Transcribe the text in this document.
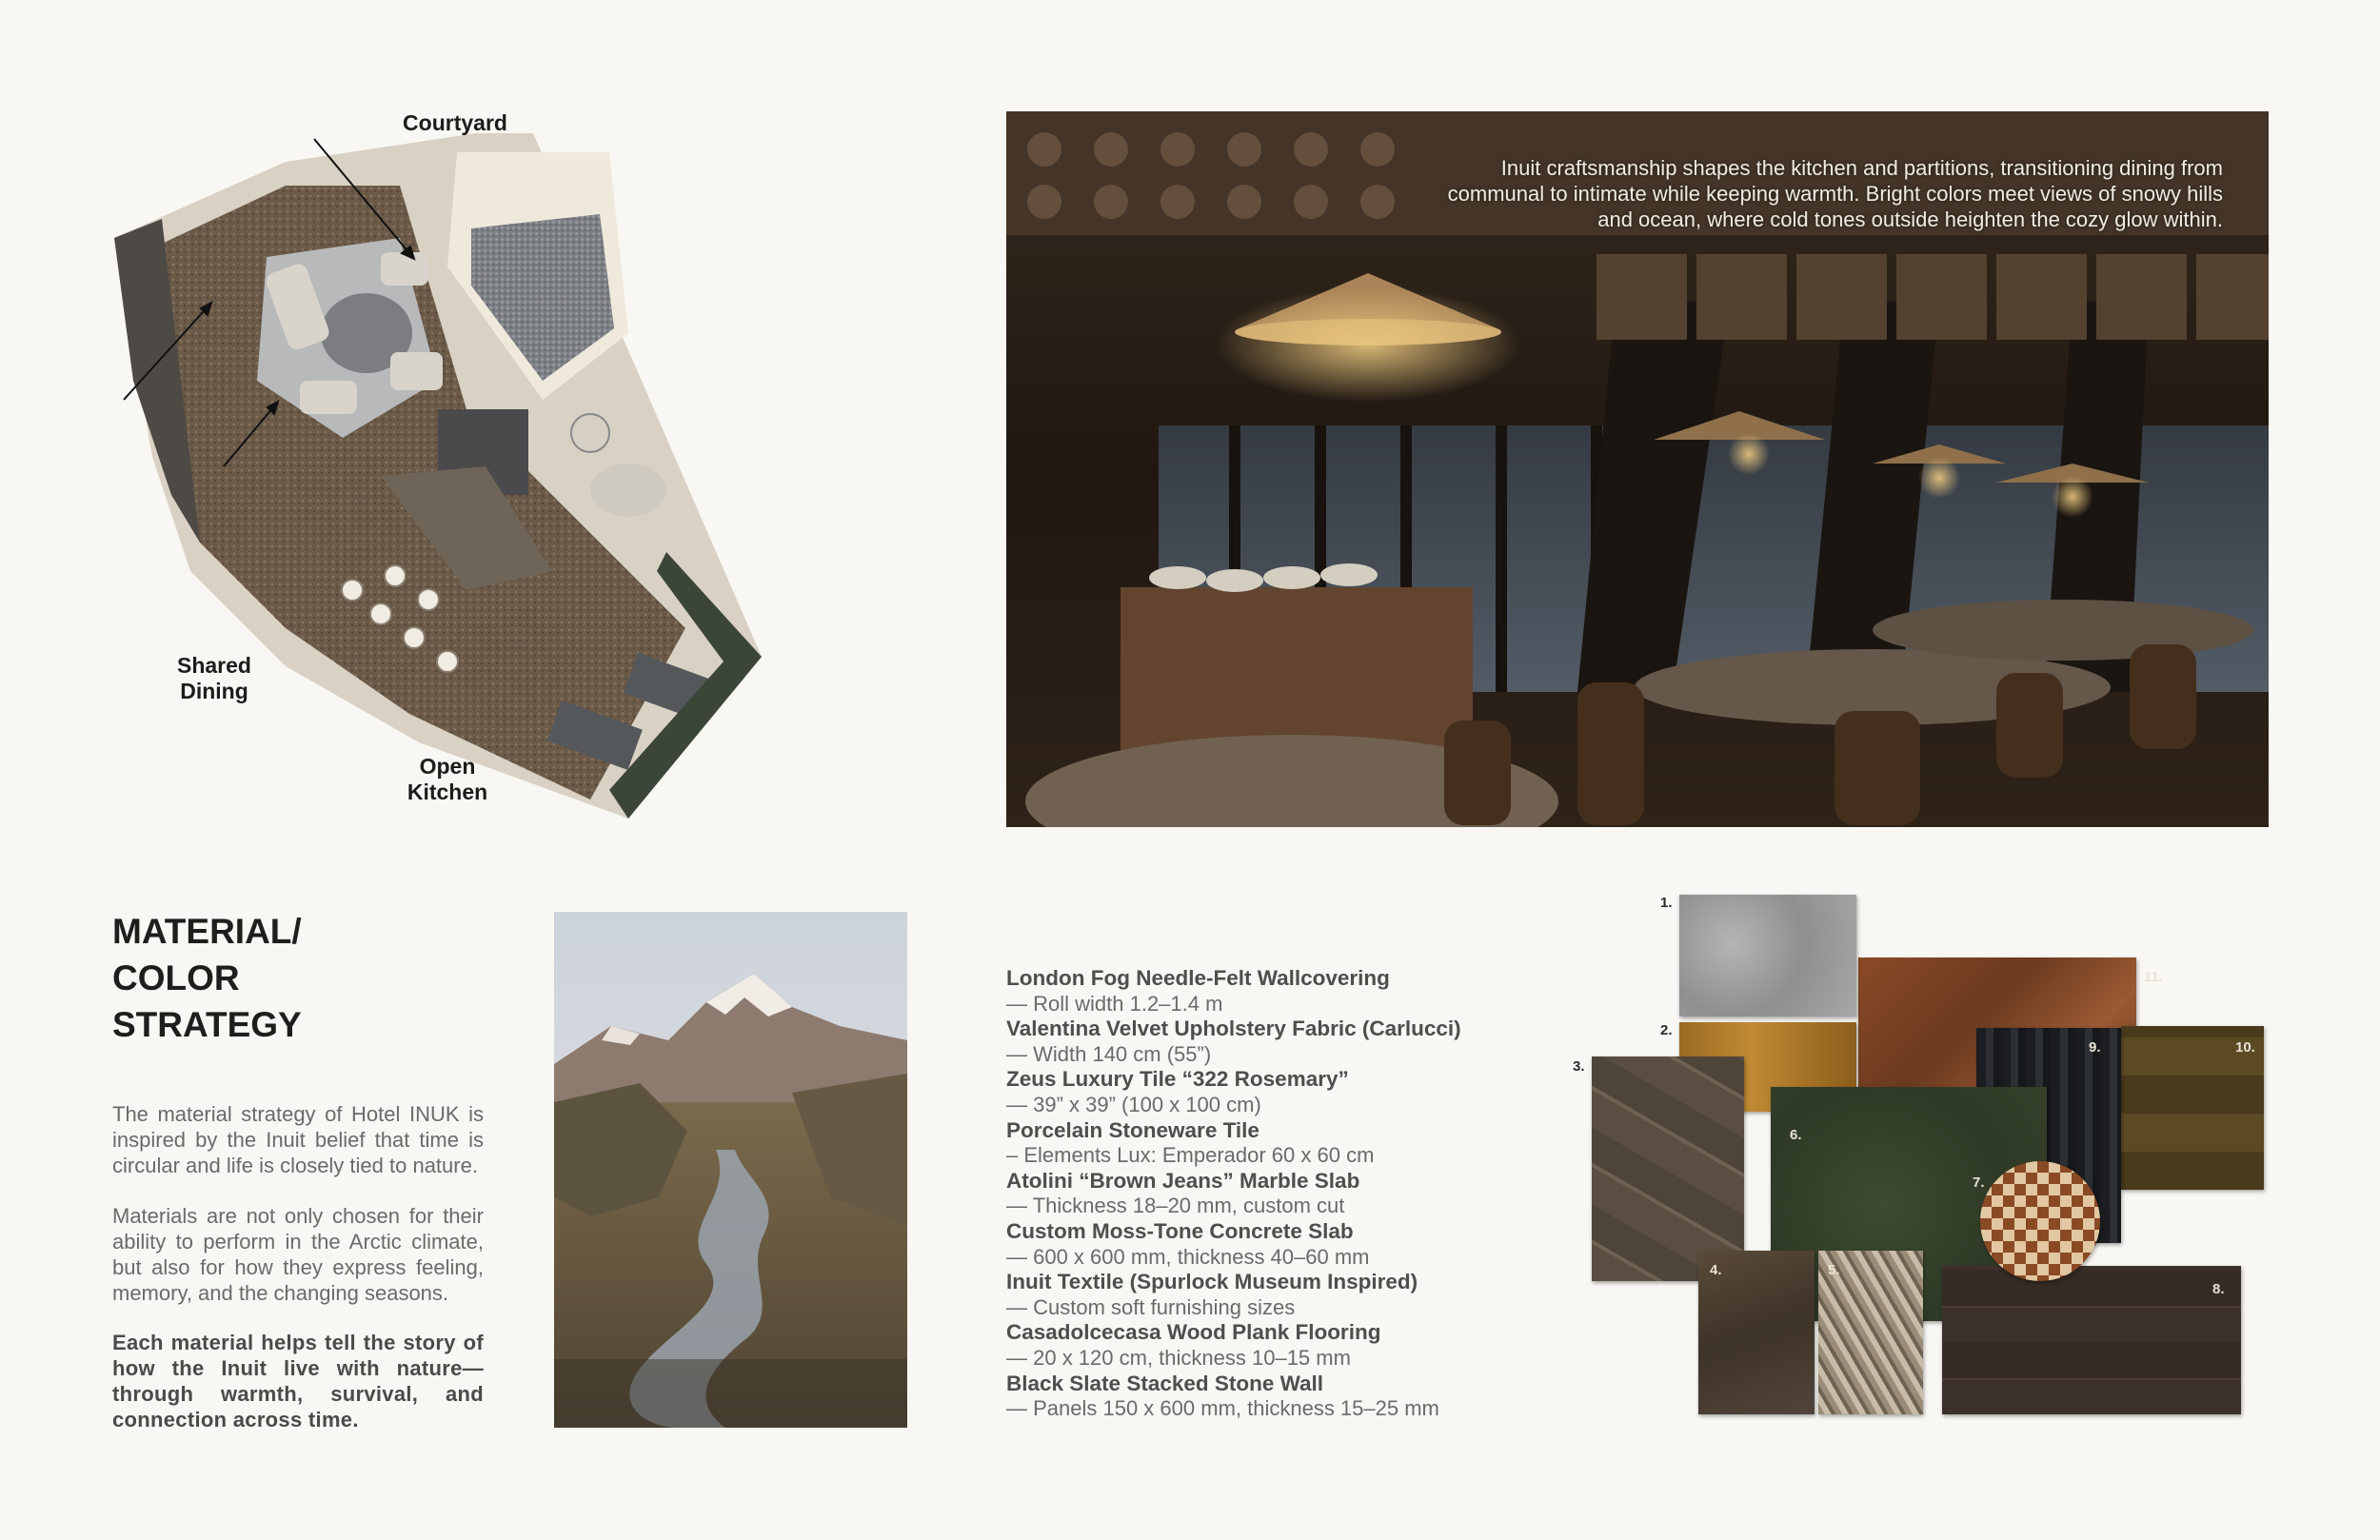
Courtyard
Shared
Dining
Open
Kitchen
Inuit craftsmanship shapes the kitchen and partitions, transitioning dining from communal to intimate while keeping warmth. Bright colors meet views of snowy hills and ocean, where cold tones outside heighten the cozy glow within.
MATERIAL/
COLOR
STRATEGY
The material strategy of Hotel INUK is inspired by the Inuit belief that time is circular and life is closely tied to nature.
Materials are not only chosen for their ability to perform in the Arctic climate, but also for how they express feeling, memory, and the changing seasons.
Each material helps tell the story of how the Inuit live with nature—through warmth, survival, and connection across time.
London Fog Needle-Felt Wallcovering
— Roll width 1.2–1.4 m
Valentina Velvet Upholstery Fabric (Carlucci)
— Width 140 cm (55”)
Zeus Luxury Tile “322 Rosemary”
— 39” x 39” (100 x 100 cm)
Porcelain Stoneware Tile
– Elements Lux: Emperador 60 x 60 cm
Atolini “Brown Jeans” Marble Slab
— Thickness 18–20 mm, custom cut
Custom Moss-Tone Concrete Slab
— 600 x 600 mm, thickness 40–60 mm
Inuit Textile (Spurlock Museum Inspired)
— Custom soft furnishing sizes
Casadolcecasa Wood Plank Flooring
— 20 x 120 cm, thickness 10–15 mm
Black Slate Stacked Stone Wall
— Panels 150 x 600 mm, thickness 15–25 mm
1.
2.
3.
4.	5.
6.
7.
8.
9.	10.
11.
